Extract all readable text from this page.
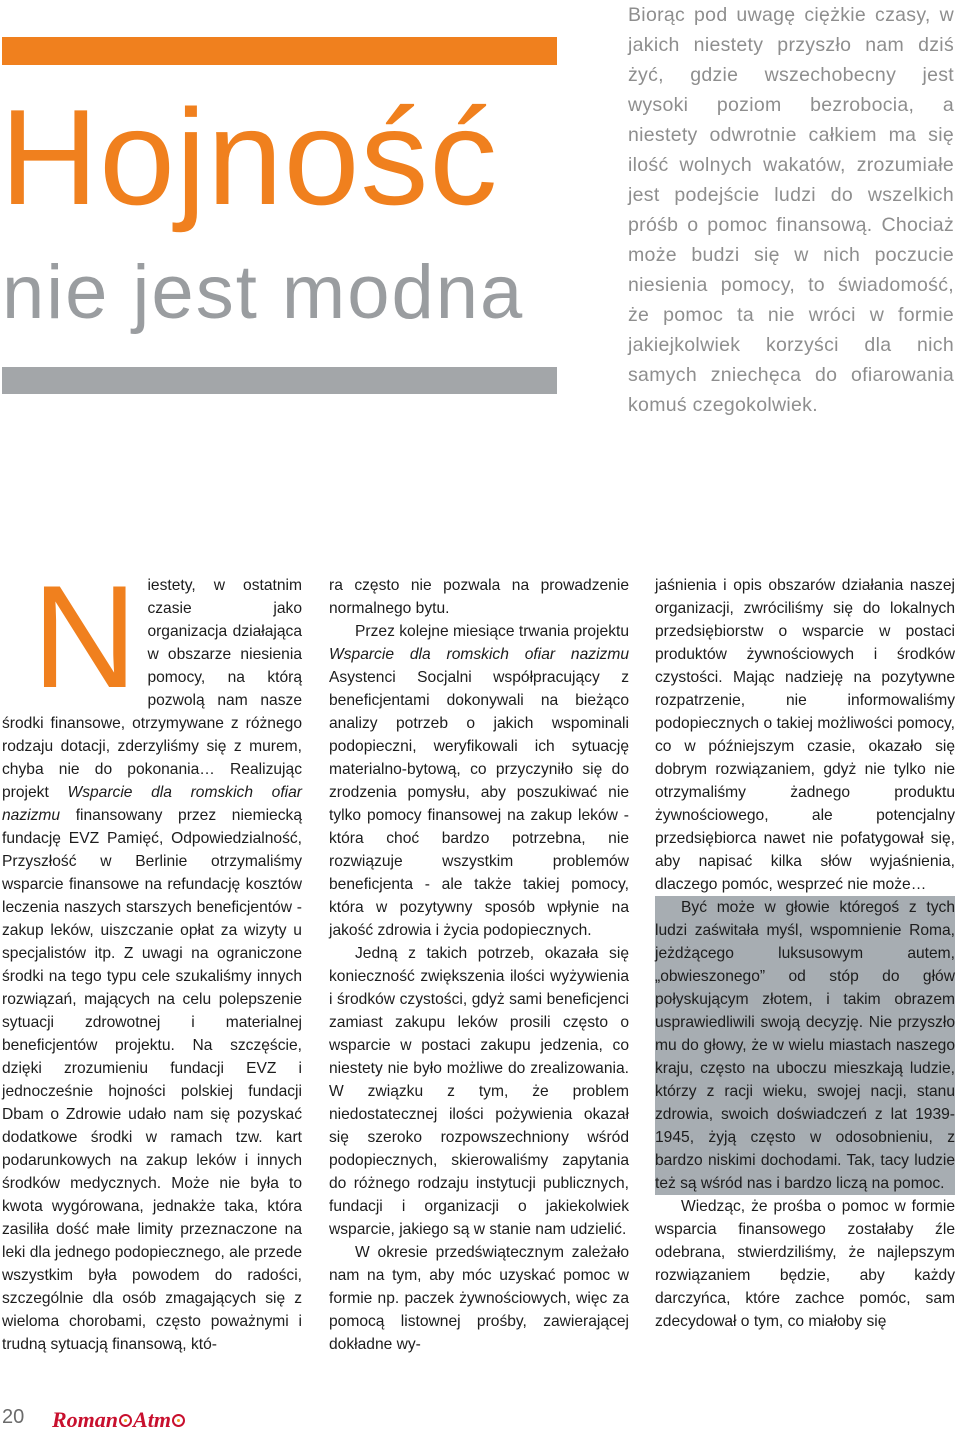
Hojność
nie jest modna
Biorąc pod uwagę ciężkie czasy, w jakich niestety przyszło nam dziś żyć, gdzie wszechobecny jest wysoki poziom bezrobocia, a niestety odwrotnie całkiem ma się ilość wolnych wakatów, zrozumiałe jest podejście ludzi do wszelkich próśb o pomoc finansową. Chociaż może budzi się w nich poczucie niesienia pomocy, to świadomość, że pomoc ta nie wróci w formie jakiejkolwiek korzyści dla nich samych zniechęca do ofiarowania komuś czegokolwiek.

Niestety, w ostatnim czasie jako organizacja działająca w obszarze niesienia pomocy, na którą pozwolą nam nasze środki finansowe, otrzymywane z różnego rodzaju dotacji, zderzyliśmy się z murem, chyba nie do pokonania… Realizując projekt Wsparcie dla romskich ofiar nazizmu finansowany przez niemiecką fundację EVZ Pamięć, Odpowiedzialność, Przyszłość w Berlinie otrzymaliśmy wsparcie finansowe na refundację kosztów leczenia naszych starszych beneficjentów - zakup leków, uiszczanie opłat za wizyty u specjalistów itp. Z uwagi na ograniczone środki na tego typu cele szukaliśmy innych rozwiązań, mających na celu polepszenie sytuacji zdrowotnej i materialnej beneficjentów projektu. Na szczęście, dzięki zrozumieniu fundacji EVZ i jednocześnie hojności polskiej fundacji Dbam o Zdrowie udało nam się pozyskać dodatkowe środki w ramach tzw. kart podarunkowych na zakup leków i innych środków medycznych. Może nie była to kwota wygórowana, jednakże taka, która zasiliła dość małe limity przeznaczone na leki dla jednego podopiecznego, ale przede wszystkim była powodem do radości, szczególnie dla osób zmagających się z wieloma chorobami, często poważnymi i trudną sytuacją finansową, któ-

ra często nie pozwala na prowadzenie normalnego bytu.

Przez kolejne miesiące trwania projektu Wsparcie dla romskich ofiar nazizmu Asystenci Socjalni współpracujący z beneficjentami dokonywali na bieżąco analizy potrzeb o jakich wspominali podopieczni, weryfikowali ich sytuację materialno-bytową, co przyczyniło się do zrodzenia pomysłu, aby poszukiwać nie tylko pomocy finansowej na zakup leków - która choć bardzo potrzebna, nie rozwiązuje wszystkim problemów beneficjenta - ale także takiej pomocy, która w pozytywny sposób wpłynie na jakość zdrowia i życia podopiecznych.

Jedną z takich potrzeb, okazała się konieczność zwiększenia ilości wyżywienia i środków czystości, gdyż sami beneficjenci zamiast zakupu leków prosili często o wsparcie w postaci zakupu jedzenia, co niestety nie było możliwe do zrealizowania. W związku z tym, że problem niedostatecznej ilości pożywienia okazał się szeroko rozpowszechniony wśród podopiecznych, skierowaliśmy zapytania do różnego rodzaju instytucji publicznych, fundacji i organizacji o jakiekolwiek wsparcie, jakiego są w stanie nam udzielić.

W okresie przedświątecznym zależało nam na tym, aby móc uzyskać pomoc w formie np. paczek żywnościowych, więc za pomocą listownej prośby, zawierającej dokładne wy-

jaśnienia i opis obszarów działania naszej organizacji, zwróciliśmy się do lokalnych przedsiębiorstw o wsparcie w postaci produktów żywnościowych i środków czystości. Mając nadzieję na pozytywne rozpatrzenie, nie informowaliśmy podopiecznych o takiej możliwości pomocy, co w późniejszym czasie, okazało się dobrym rozwiązaniem, gdyż nie tylko nie otrzymaliśmy żadnego produktu żywnościowego, ale potencjalny przedsiębiorca nawet nie pofatygował się, aby napisać kilka słów wyjaśnienia, dlaczego pomóc, wesprzeć nie może…

Być może w głowie któregoś z tych ludzi zaświtała myśl, wspomnienie Roma, jeżdżącego luksusowym autem, „obwieszonego” od stóp do głów połyskującym złotem, i takim obrazem usprawiedliwili swoją decyzję. Nie przyszło mu do głowy, że w wielu miastach naszego kraju, często na uboczu mieszkają ludzie, którzy z racji wieku, swojej nacji, stanu zdrowia, swoich doświadczeń z lat 1939-1945, żyją często w odosobnieniu, z bardzo niskimi dochodami. Tak, tacy ludzie też są wśród nas i bardzo liczą na pomoc.

Wiedząc, że prośba o pomoc w formie wsparcia finansowego zostałaby źle odebrana, stwierdziliśmy, że najlepszym rozwiązaniem będzie, aby każdy darczyńca, które zachce pomóc, sam zdecydował o tym, co miałoby się

20 Roman Atm
